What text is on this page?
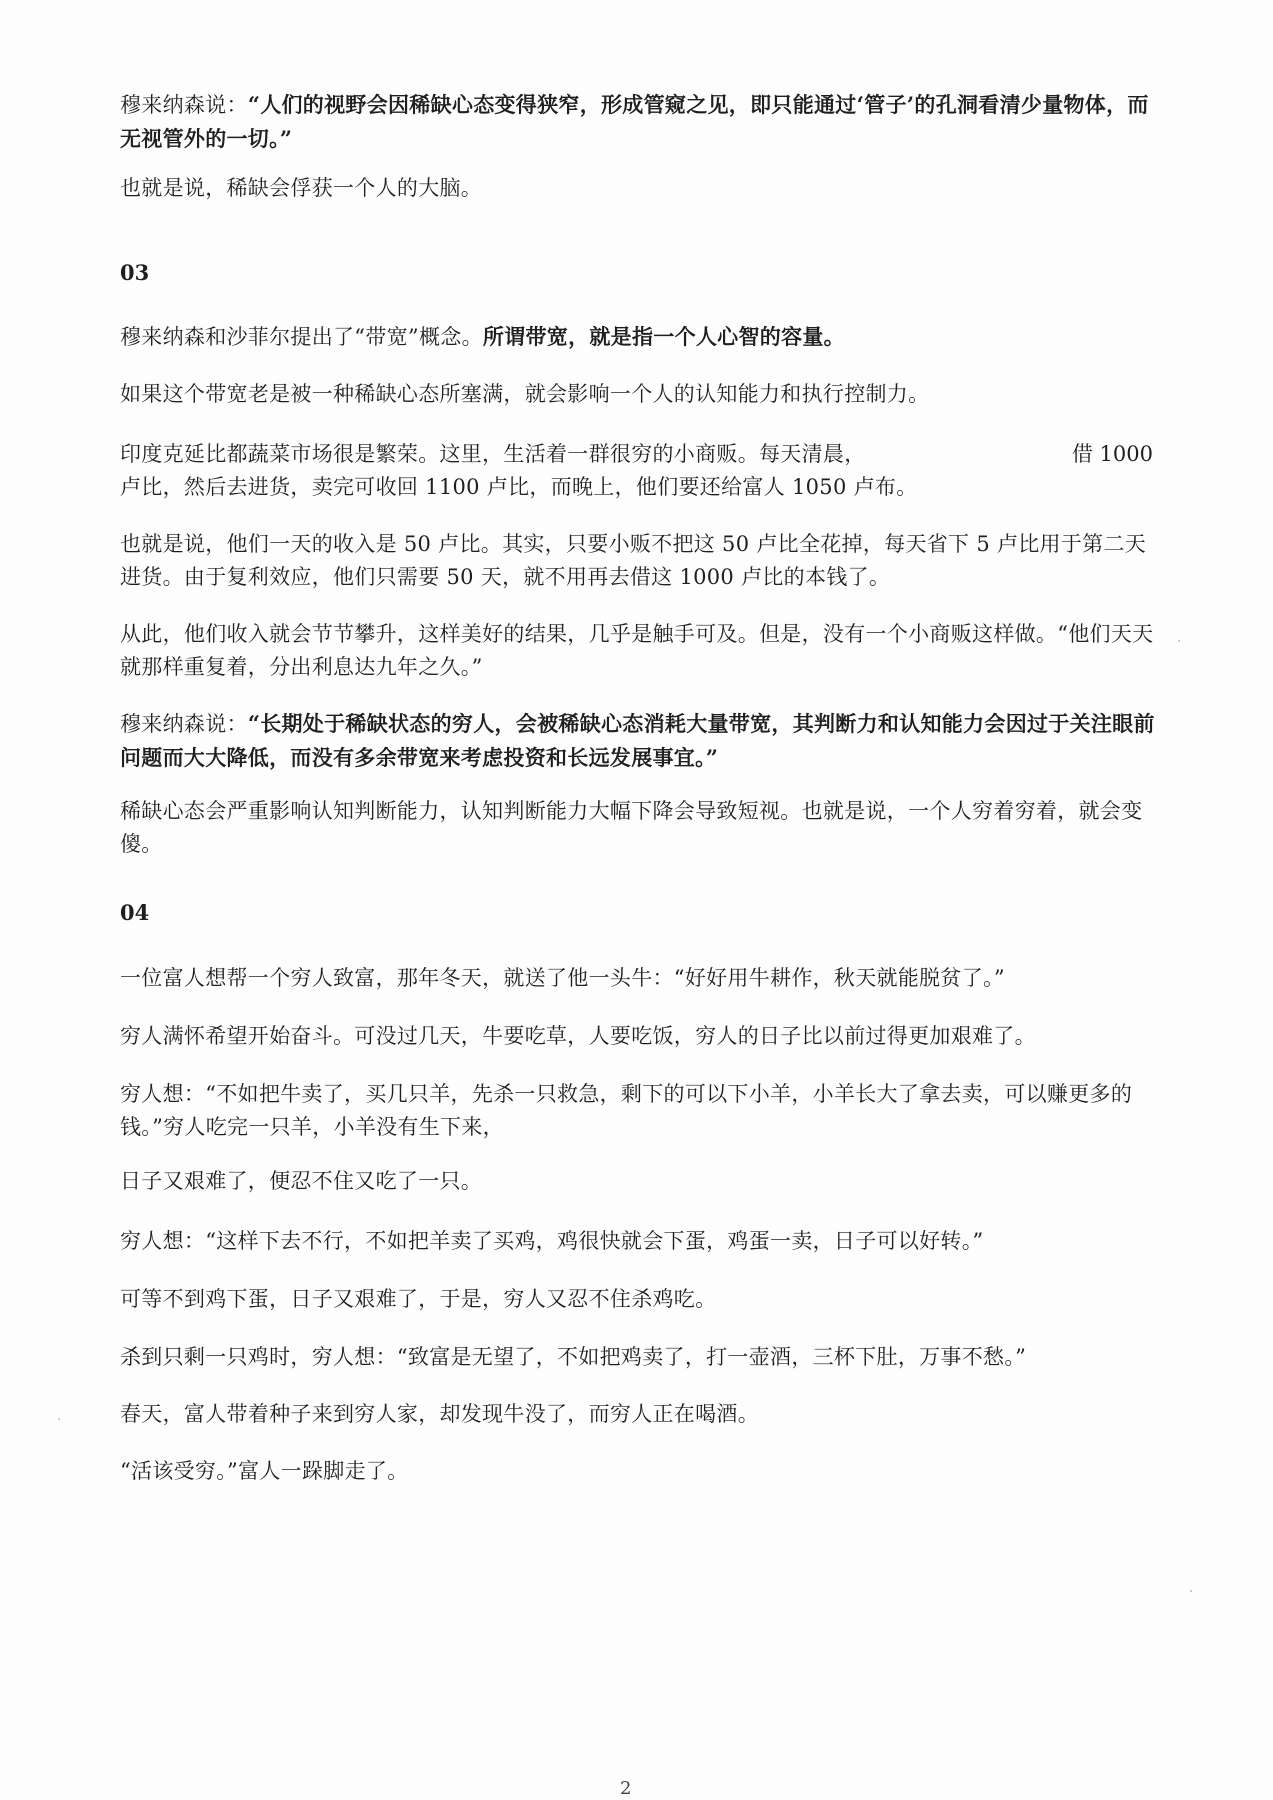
穆来纳森说：“人们的视野会因稀缺心态变得狭窄，形成管窥之见，即只能通过‘管子’的孔洞看清少量物体，而无视管外的一切。”

也就是说，稀缺会俘获一个人的大脑。

03

穆来纳森和沙菲尔提出了“带宽”概念。所谓带宽，就是指一个人心智的容量。

如果这个带宽老是被一种稀缺心态所塞满，就会影响一个人的认知能力和执行控制力。

印度克延比都蔬菜市场很是繁荣。这里，生活着一群很穷的小商贩。每天清晨，	借 1000

卢比，然后去进货，卖完可收回 1100 卢比，而晚上，他们要还给富人 1050 卢布。

也就是说，他们一天的收入是 50 卢比。其实，只要小贩不把这 50 卢比全花掉，每天省下 5 卢比用于第二天进货。由于复利效应，他们只需要 50 天，就不用再去借这 1000 卢比的本钱了。

从此，他们收入就会节节攀升，这样美好的结果，几乎是触手可及。但是，没有一个小商贩这样做。“他们天天就那样重复着，分出利息达九年之久。”

穆来纳森说：“长期处于稀缺状态的穷人，会被稀缺心态消耗大量带宽，其判断力和认知能力会因过于关注眼前问题而大大降低，而没有多余带宽来考虑投资和长远发展事宜。”

稀缺心态会严重影响认知判断能力，认知判断能力大幅下降会导致短视。也就是说，一个人穷着穷着，就会变傻。

04

一位富人想帮一个穷人致富，那年冬天，就送了他一头牛：“好好用牛耕作，秋天就能脱贫了。”

穷人满怀希望开始奋斗。可没过几天，牛要吃草，人要吃饭，穷人的日子比以前过得更加艰难了。

穷人想：“不如把牛卖了，买几只羊，先杀一只救急，剩下的可以下小羊，小羊长大了拿去卖，可以赚更多的钱。”穷人吃完一只羊，小羊没有生下来，

日子又艰难了，便忍不住又吃了一只。

穷人想：“这样下去不行，不如把羊卖了买鸡，鸡很快就会下蛋，鸡蛋一卖，日子可以好转。”

可等不到鸡下蛋，日子又艰难了，于是，穷人又忍不住杀鸡吃。

杀到只剩一只鸡时，穷人想：“致富是无望了，不如把鸡卖了，打一壶酒，三杯下肚，万事不愁。”

春天，富人带着种子来到穷人家，却发现牛没了，而穷人正在喝酒。

“活该受穷。”富人一跺脚走了。

2
